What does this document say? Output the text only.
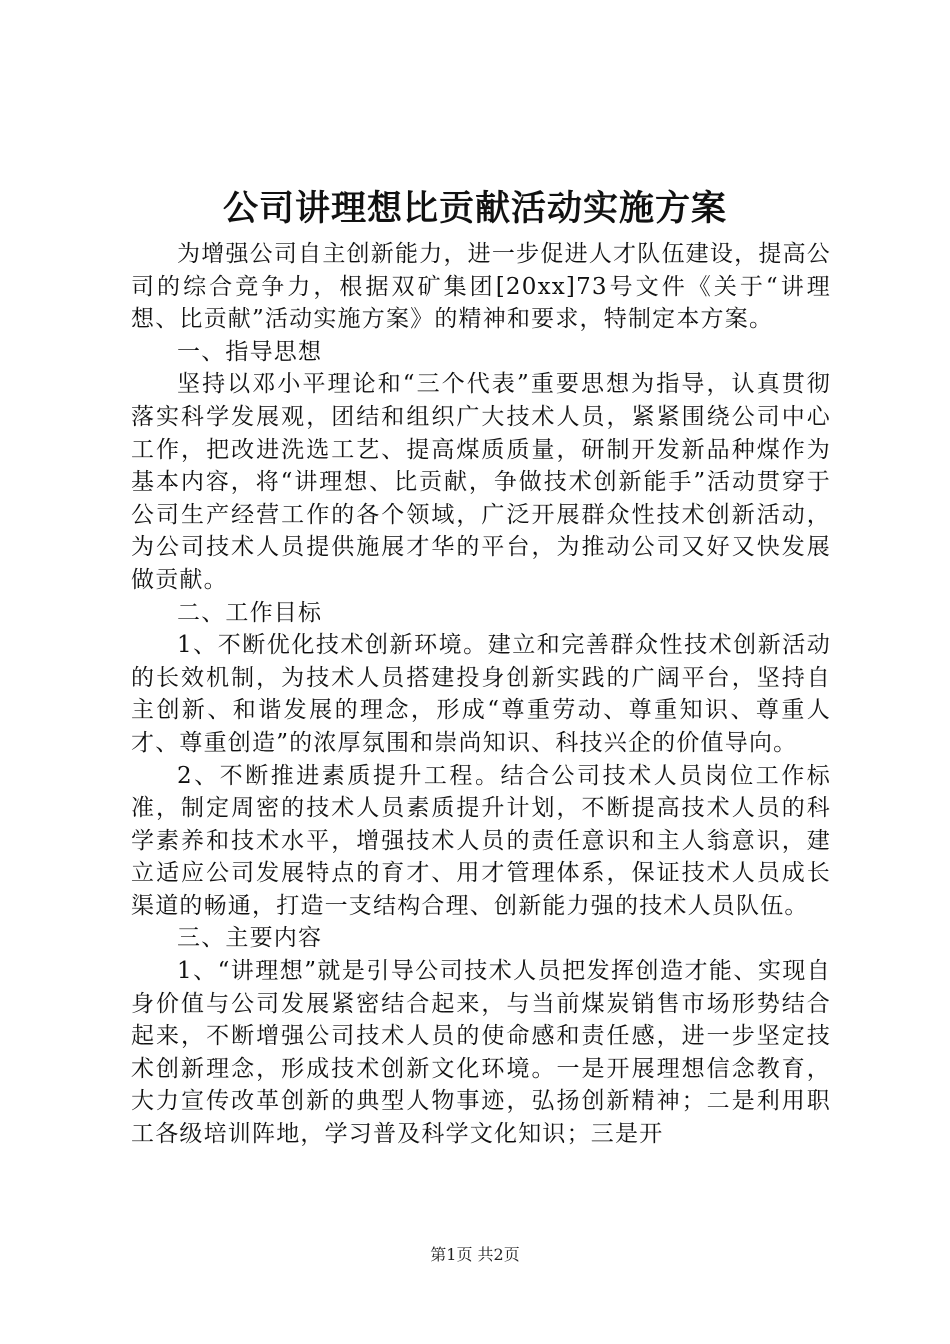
公司讲理想比贡献活动实施方案

为增强公司自主创新能力，进一步促进人才队伍建设，提高公司的综合竞争力，根据双矿集团[20xx]73号文件《关于“讲理想、比贡献”活动实施方案》的精神和要求，特制定本方案。

一、指导思想

坚持以邓小平理论和“三个代表”重要思想为指导，认真贯彻落实科学发展观，团结和组织广大技术人员，紧紧围绕公司中心工作，把改进洗选工艺、提高煤质质量，研制开发新品种煤作为基本内容，将“讲理想、比贡献，争做技术创新能手”活动贯穿于公司生产经营工作的各个领域，广泛开展群众性技术创新活动，为公司技术人员提供施展才华的平台，为推动公司又好又快发展做贡献。

二、工作目标

1、不断优化技术创新环境。建立和完善群众性技术创新活动的长效机制，为技术人员搭建投身创新实践的广阔平台，坚持自主创新、和谐发展的理念，形成“尊重劳动、尊重知识、尊重人才、尊重创造”的浓厚氛围和崇尚知识、科技兴企的价值导向。

2、不断推进素质提升工程。结合公司技术人员岗位工作标准，制定周密的技术人员素质提升计划，不断提高技术人员的科学素养和技术水平，增强技术人员的责任意识和主人翁意识，建立适应公司发展特点的育才、用才管理体系，保证技术人员成长渠道的畅通，打造一支结构合理、创新能力强的技术人员队伍。

三、主要内容

1、“讲理想”就是引导公司技术人员把发挥创造才能、实现自身价值与公司发展紧密结合起来，与当前煤炭销售市场形势结合起来，不断增强公司技术人员的使命感和责任感，进一步坚定技术创新理念，形成技术创新文化环境。一是开展理想信念教育，大力宣传改革创新的典型人物事迹，弘扬创新精神；二是利用职工各级培训阵地，学习普及科学文化知识；三是开

第1页 共2页
